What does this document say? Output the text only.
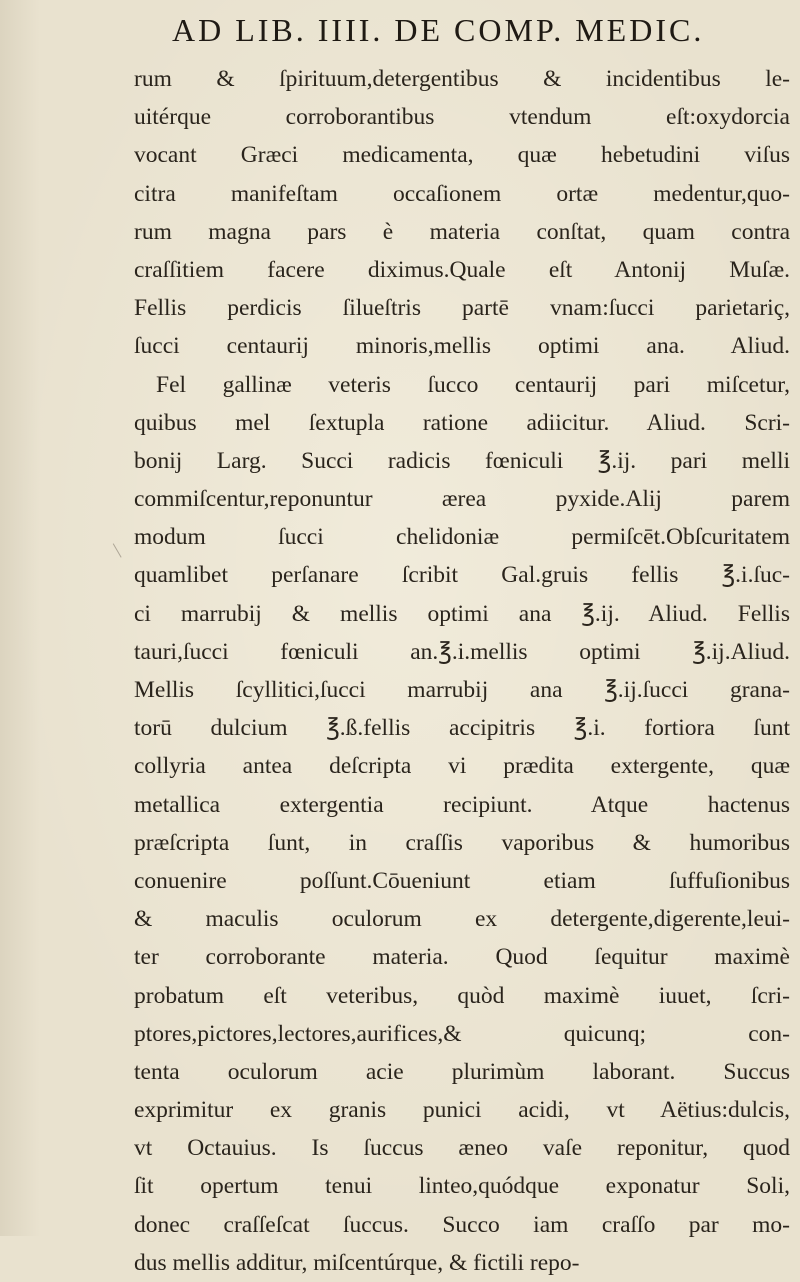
AD LIB. IIII. DE COMP. MEDIC.
rum & ſpirituum,detergentibus & incidentibus le-
uitérque corroborantibus vtendum eſt:oxydorcia
vocant Græci medicamenta, quæ hebetudini viſus
citra manifeſtam occaſionem ortæ medentur,quo-
rum magna pars è materia conſtat, quam contra
craſſitiem facere diximus.Quale eſt Antonij Muſæ.
Fellis perdicis ſilueſtris partē vnam:ſucci parietariç,
ſucci centaurij minoris,mellis optimi ana. Aliud.
Fel gallinæ veteris ſucco centaurij pari miſcetur,
quibus mel ſextupla ratione adiicitur. Aliud. Scri-
bonij Larg. Succi radicis fœniculi ℥.ij. pari melli
commiſcentur,reponuntur ærea pyxide.Alij parem
modum ſucci chelidoniæ permiſcēt.Obſcuritatem
quamlibet perſanare ſcribit Gal.gruis fellis ℥.i.ſuc-
ci marrubij & mellis optimi ana ℥.ij. Aliud. Fellis
tauri,ſucci fœniculi an.℥.i.mellis optimi ℥.ij.Aliud.
Mellis ſcyllitici,ſucci marrubij ana ℥.ij.ſucci grana-
torū dulcium ℥.ß.fellis accipitris ℥.i. fortiora ſunt
collyria antea deſcripta vi prædita extergente, quæ
metallica extergentia recipiunt. Atque hactenus
præſcripta ſunt, in craſſis vaporibus & humoribus
conuenire poſſunt.Cōueniunt etiam ſuffuſionibus
& maculis oculorum ex detergente,digerente,leui-
ter corroborante materia. Quod ſequitur maximè
probatum eſt veteribus, quòd maximè iuuet, ſcri-
ptores,pictores,lectores,aurifices,& quicunq; con-
tenta oculorum acie plurimùm laborant. Succus
exprimitur ex granis punici acidi, vt Aëtius:dulcis,
vt Octauius. Is ſuccus æneo vaſe reponitur, quod
ſit opertum tenui linteo,quódque exponatur Soli,
donec craſſeſcat ſuccus. Succo iam craſſo par mo-
dus mellis additur, miſcentúrque, & fictili repo-
